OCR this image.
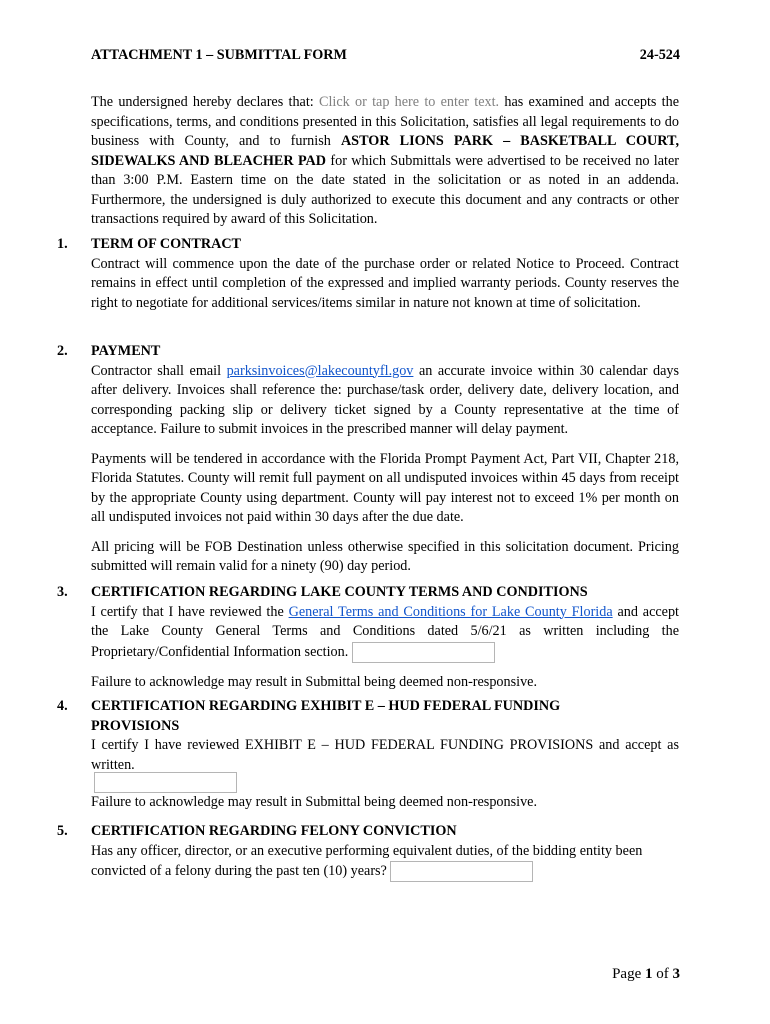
ATTACHMENT 1 – SUBMITTAL FORM	24-524
The undersigned hereby declares that: Click or tap here to enter text. has examined and accepts the specifications, terms, and conditions presented in this Solicitation, satisfies all legal requirements to do business with County, and to furnish ASTOR LIONS PARK – BASKETBALL COURT, SIDEWALKS AND BLEACHER PAD for which Submittals were advertised to be received no later than 3:00 P.M. Eastern time on the date stated in the solicitation or as noted in an addenda. Furthermore, the undersigned is duly authorized to execute this document and any contracts or other transactions required by award of this Solicitation.
1. TERM OF CONTRACT

Contract will commence upon the date of the purchase order or related Notice to Proceed. Contract remains in effect until completion of the expressed and implied warranty periods. County reserves the right to negotiate for additional services/items similar in nature not known at time of solicitation.

2. PAYMENT

Contractor shall email parksinvoices@lakecountyfl.gov an accurate invoice within 30 calendar days after delivery. Invoices shall reference the: purchase/task order, delivery date, delivery location, and corresponding packing slip or delivery ticket signed by a County representative at the time of acceptance. Failure to submit invoices in the prescribed manner will delay payment.

Payments will be tendered in accordance with the Florida Prompt Payment Act, Part VII, Chapter 218, Florida Statutes. County will remit full payment on all undisputed invoices within 45 days from receipt by the appropriate County using department. County will pay interest not to exceed 1% per month on all undisputed invoices not paid within 30 days after the due date.

All pricing will be FOB Destination unless otherwise specified in this solicitation document. Pricing submitted will remain valid for a ninety (90) day period.

3. CERTIFICATION REGARDING LAKE COUNTY TERMS AND CONDITIONS

I certify that I have reviewed the General Terms and Conditions for Lake County Florida and accept the Lake County General Terms and Conditions dated 5/6/21 as written including the Proprietary/Confidential Information section.

Failure to acknowledge may result in Submittal being deemed non-responsive.

4. CERTIFICATION REGARDING EXHIBIT E – HUD FEDERAL FUNDING PROVISIONS

I certify I have reviewed EXHIBIT E – HUD FEDERAL FUNDING PROVISIONS and accept as written.

Failure to acknowledge may result in Submittal being deemed non-responsive.
5. CERTIFICATION REGARDING FELONY CONVICTION

Has any officer, director, or an executive performing equivalent duties, of the bidding entity been convicted of a felony during the past ten (10) years?

Page 1 of 3
